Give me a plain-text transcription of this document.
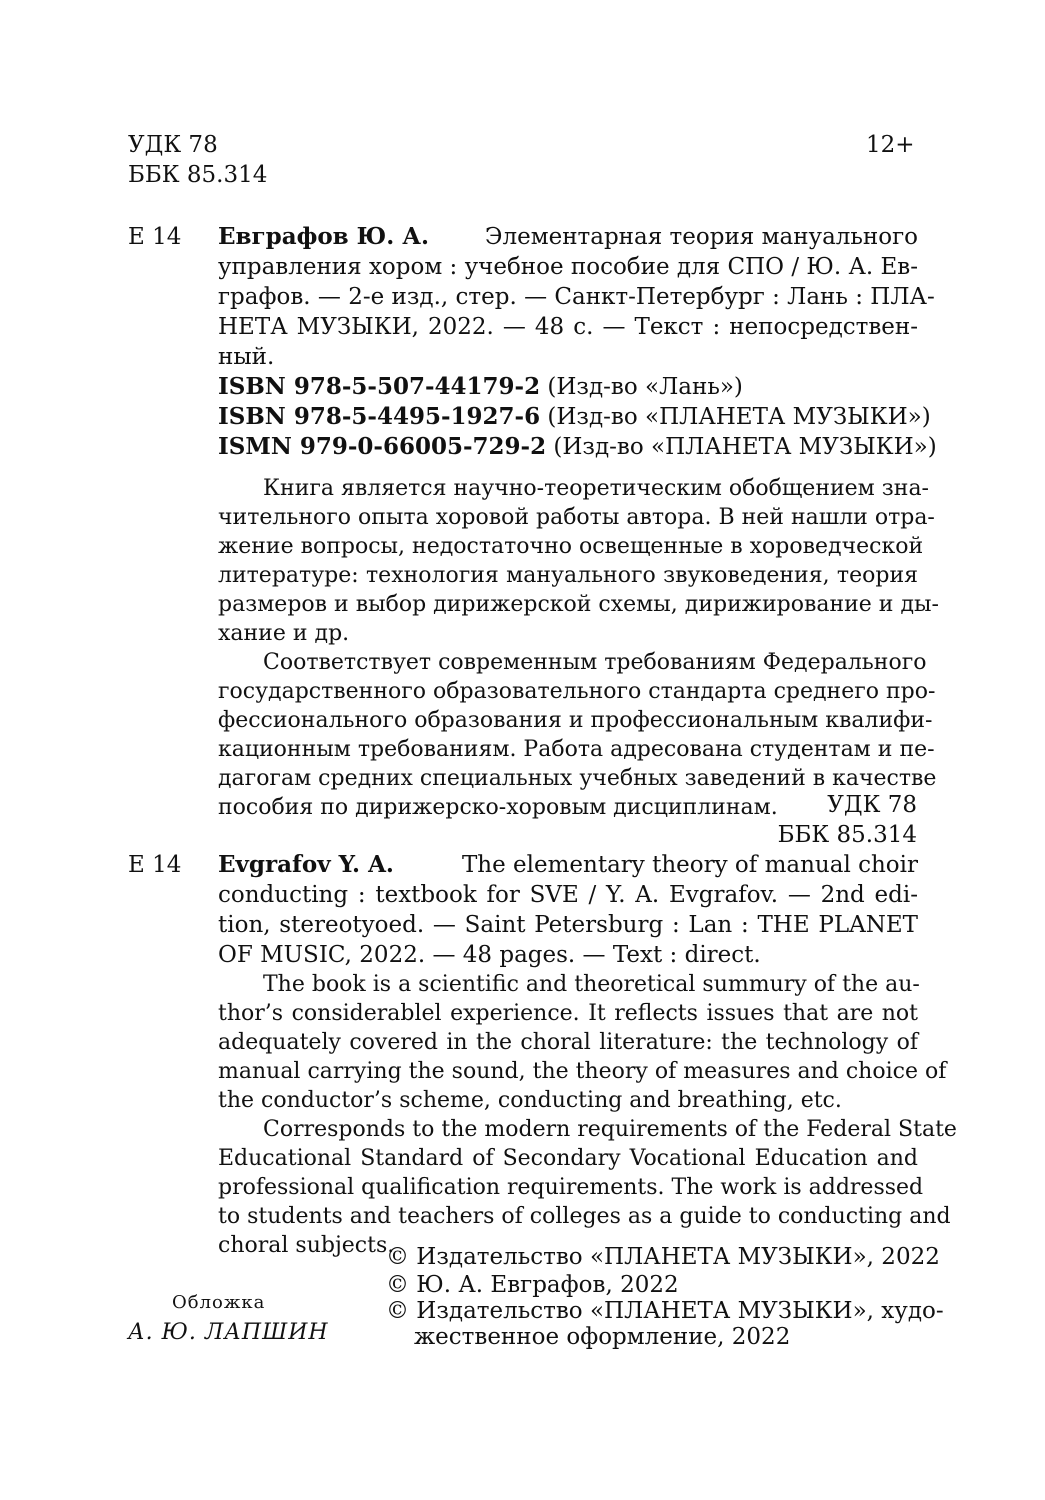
УДК 78
ББК 85.314
12+
Е 14 Евграфов Ю. А. Элементарная теория мануального
управления хором : учебное пособие для СПО / Ю. А. Ев-
графов. — 2-е изд., стер. — Санкт-Петербург : Лань : ПЛА-
НЕТА МУЗЫКИ, 2022. — 48 с. — Текст : непосредствен-
ный.
ISBN 978-5-507-44179-2 (Изд-во «Лань»)
ISBN 978-5-4495-1927-6 (Изд-во «ПЛАНЕТА МУЗЫКИ»)
ISMN 979-0-66005-729-2 (Изд-во «ПЛАНЕТА МУЗЫКИ»)
Книга является научно-теоретическим обобщением зна-
чительного опыта хоровой работы автора. В ней нашли отра-
жение вопросы, недостаточно освещенные в хороведческой
литературе: технология мануального звуковедения, теория
размеров и выбор дирижерской схемы, дирижирование и ды-
хание и др.
Соответствует современным требованиям Федерального
государственного образовательного стандарта среднего про-
фессионального образования и профессиональным квалифи-
кационным требованиям. Работа адресована студентам и пе-
дагогам средних специальных учебных заведений в качестве
пособия по дирижерско-хоровым дисциплинам.	УДК 78
ББК 85.314
Е 14 Evgrafov Y. A.	The elementary theory of manual choir
conducting : textbook for SVE / Y. A. Evgrafov. — 2nd edi-
tion, stereotyoed. — Saint Petersburg : Lan : THE PLANET
OF MUSIC, 2022. — 48 pages. — Text : direct.
The book is a scientific and theoretical summury of the au-
thor’s considerablel experience. It reflects issues that are not
adequately covered in the choral literature: the technology of
manual carrying the sound, the theory of measures and choice of
the conductor’s scheme, conducting and breathing, etc.
Corresponds to the modern requirements of the Federal State
Educational Standard of Secondary Vocational Education and
professional qualification requirements. The work is addressed
to students and teachers of colleges as a guide to conducting and
choral subjects.
Обложка
А. Ю. ЛАПШИН
© Издательство «ПЛАНЕТА МУЗЫКИ», 2022
© Ю. А. Евграфов, 2022
© Издательство «ПЛАНЕТА МУЗЫКИ», худо-
жественное оформление, 2022
